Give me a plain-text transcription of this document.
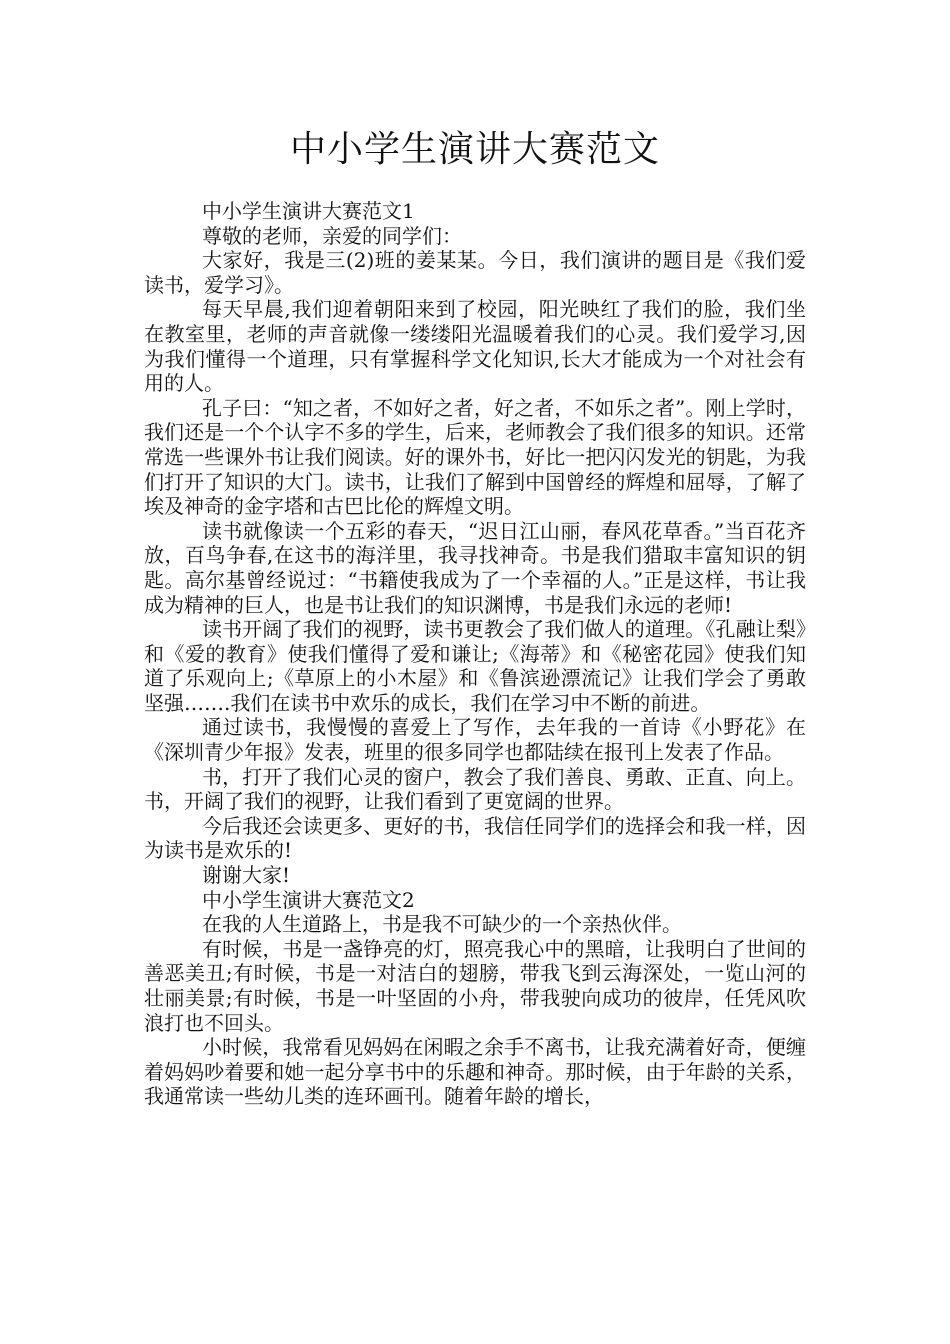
中小学生演讲大赛范文

中小学生演讲大赛范文1

尊敬的老师，亲爱的同学们：

大家好，我是三(2)班的姜某某。今日，我们演讲的题目是《我们爱读书，爱学习》。

每天早晨,我们迎着朝阳来到了校园，阳光映红了我们的脸，我们坐在教室里，老师的声音就像一缕缕阳光温暖着我们的心灵。我们爱学习,因为我们懂得一个道理，只有掌握科学文化知识,长大才能成为一个对社会有用的人。

孔子曰：“知之者，不如好之者，好之者，不如乐之者”。刚上学时，我们还是一个个认字不多的学生，后来，老师教会了我们很多的知识。还常常选一些课外书让我们阅读。好的课外书，好比一把闪闪发光的钥匙，为我们打开了知识的大门。读书，让我们了解到中国曾经的辉煌和屈辱，了解了埃及神奇的金字塔和古巴比伦的辉煌文明。

读书就像读一个五彩的春天，“迟日江山丽，春风花草香。”当百花齐放，百鸟争春,在这书的海洋里，我寻找神奇。书是我们猎取丰富知识的钥匙。高尔基曾经说过：“书籍使我成为了一个幸福的人。”正是这样，书让我成为精神的巨人，也是书让我们的知识渊博，书是我们永远的老师!

读书开阔了我们的视野，读书更教会了我们做人的道理。《孔融让梨》和《爱的教育》使我们懂得了爱和谦让;《海蒂》和《秘密花园》使我们知道了乐观向上;《草原上的小木屋》和《鲁滨逊漂流记》让我们学会了勇敢坚强…….我们在读书中欢乐的成长，我们在学习中不断的前进。

通过读书，我慢慢的喜爱上了写作，去年我的一首诗《小野花》在《深圳青少年报》发表，班里的很多同学也都陆续在报刊上发表了作品。

书，打开了我们心灵的窗户，教会了我们善良、勇敢、正直、向上。书，开阔了我们的视野，让我们看到了更宽阔的世界。

今后我还会读更多、更好的书，我信任同学们的选择会和我一样，因为读书是欢乐的!

谢谢大家!

中小学生演讲大赛范文2

在我的人生道路上，书是我不可缺少的一个亲热伙伴。

有时候，书是一盏铮亮的灯，照亮我心中的黑暗，让我明白了世间的善恶美丑;有时候，书是一对洁白的翅膀，带我飞到云海深处，一览山河的壮丽美景;有时候，书是一叶坚固的小舟，带我驶向成功的彼岸，任凭风吹浪打也不回头。

小时候，我常看见妈妈在闲暇之余手不离书，让我充满着好奇，便缠着妈妈吵着要和她一起分享书中的乐趣和神奇。那时候，由于年龄的关系，我通常读一些幼儿类的连环画刊。随着年龄的增长，
